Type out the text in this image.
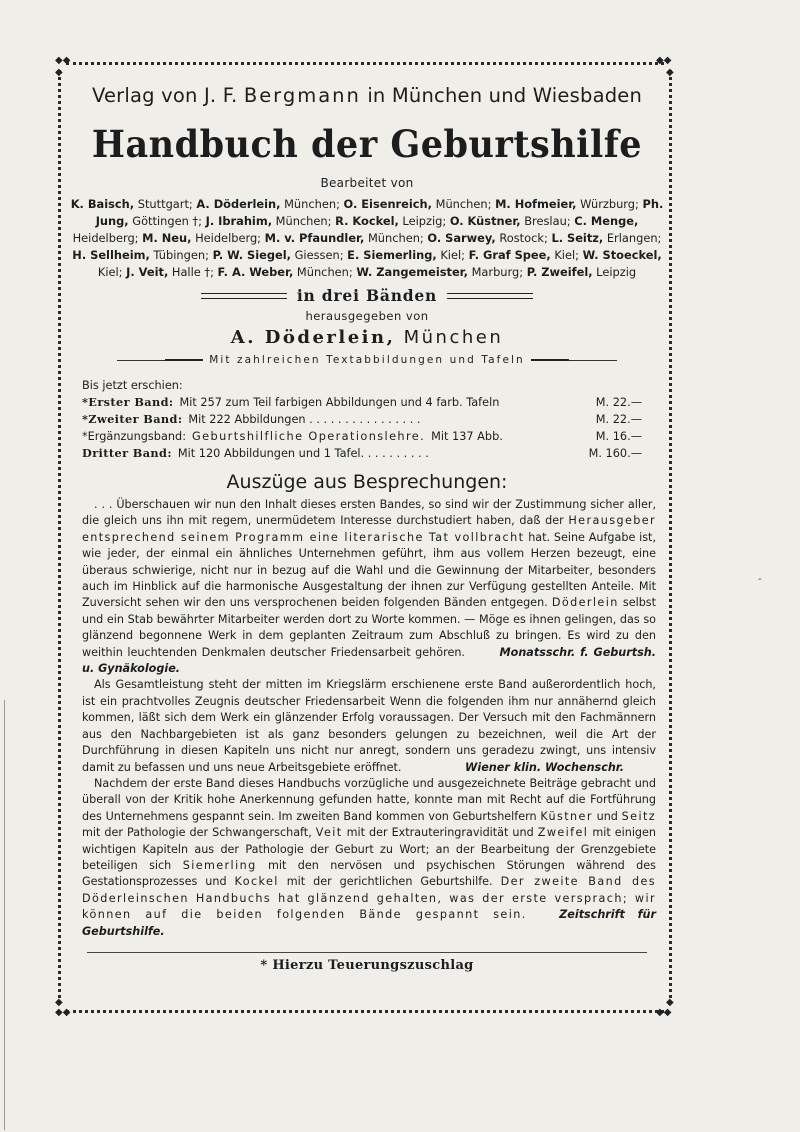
◆◆
◆
◆◆
◆
◆
◆◆
◆
◆◆
Verlag von J. F. Bergmann in München und Wiesbaden
Handbuch der Geburtshilfe
Bearbeitet von
K. Baisch, Stuttgart; A. Döderlein, München; O. Eisenreich, München; M. Hofmeier, Würzburg; Ph. Jung, Göttingen †; J. Ibrahim, München; R. Kockel, Leipzig; O. Küstner, Breslau; C. Menge, Heidelberg; M. Neu, Heidelberg; M. v. Pfaundler, München; O. Sarwey, Rostock; L. Seitz, Erlangen; H. Sellheim, Tübingen; P. W. Siegel, Giessen; E. Siemerling, Kiel; F. Graf Spee, Kiel; W. Stoeckel, Kiel; J. Veit, Halle †; F. A. Weber, München; W. Zangemeister, Marburg; P. Zweifel, Leipzig
in drei Bänden
herausgegeben von
A. Döderlein, München
Mit zahlreichen Textabbildungen und Tafeln
Bis jetzt erschien:
*Erster Band: Mit 257 zum Teil farbigen Abbildungen und 4 farb. Tafeln	M. 22.—
*Zweiter Band: Mit 222 Abbildungen . . . . . . . . . . . . . . . .	M. 22.—
*Ergänzungsband: Geburtshilfliche Operationslehre. Mit 137 Abb.	M. 16.—
Dritter Band: Mit 120 Abbildungen und 1 Tafel. . . . . . . . . .	M. 160.—
Auszüge aus Besprechungen:
. . . Überschauen wir nun den Inhalt dieses ersten Bandes, so sind wir der Zustimmung sicher aller, die gleich uns ihn mit regem, unermüdetem Interesse durchstudiert haben, daß der Herausgeber entsprechend seinem Programm eine literarische Tat vollbracht hat. Seine Aufgabe ist, wie jeder, der einmal ein ähnliches Unternehmen geführt, ihm aus vollem Herzen bezeugt, eine überaus schwierige, nicht nur in bezug auf die Wahl und die Gewinnung der Mitarbeiter, besonders auch im Hinblick auf die harmonische Ausgestaltung der ihnen zur Verfügung gestellten Anteile. Mit Zuversicht sehen wir den uns versprochenen beiden folgenden Bänden entgegen. Döderlein selbst und ein Stab bewährter Mitarbeiter werden dort zu Worte kommen. — Möge es ihnen gelingen, das so glänzend begonnene Werk in dem geplanten Zeitraum zum Abschluß zu bringen. Es wird zu den weithin leuchtenden Denkmalen deutscher Friedensarbeit gehören.	Monatsschr. f. Geburtsh. u. Gynäkologie.
Als Gesamtleistung steht der mitten im Kriegslärm erschienene erste Band außerordentlich hoch, ist ein prachtvolles Zeugnis deutscher Friedensarbeit Wenn die folgenden ihm nur annähernd gleich kommen, läßt sich dem Werk ein glänzender Erfolg voraussagen. Der Versuch mit den Fachmännern aus den Nachbargebieten ist als ganz besonders gelungen zu bezeichnen, weil die Art der Durchführung in diesen Kapiteln uns nicht nur anregt, sondern uns geradezu zwingt, uns intensiv damit zu befassen und uns neue Arbeitsgebiete eröffnet.	Wiener klin. Wochenschr.
Nachdem der erste Band dieses Handbuchs vorzügliche und ausgezeichnete Beiträge gebracht und überall von der Kritik hohe Anerkennung gefunden hatte, konnte man mit Recht auf die Fortführung des Unternehmens gespannt sein. Im zweiten Band kommen von Geburtshelfern Küstner und Seitz mit der Pathologie der Schwangerschaft, Veit mit der Extrauteringravidität und Zweifel mit einigen wichtigen Kapiteln aus der Pathologie der Geburt zu Wort; an der Bearbeitung der Grenzgebiete beteiligen sich Siemerling mit den nervösen und psychischen Störungen während des Gestationsprozesses und Kockel mit der gerichtlichen Geburtshilfe. Der zweite Band des Döderleinschen Handbuchs hat glänzend gehalten, was der erste versprach; wir können auf die beiden folgenden Bände gespannt sein.	Zeitschrift für Geburtshilfe.
* Hierzu Teuerungszuschlag
-
